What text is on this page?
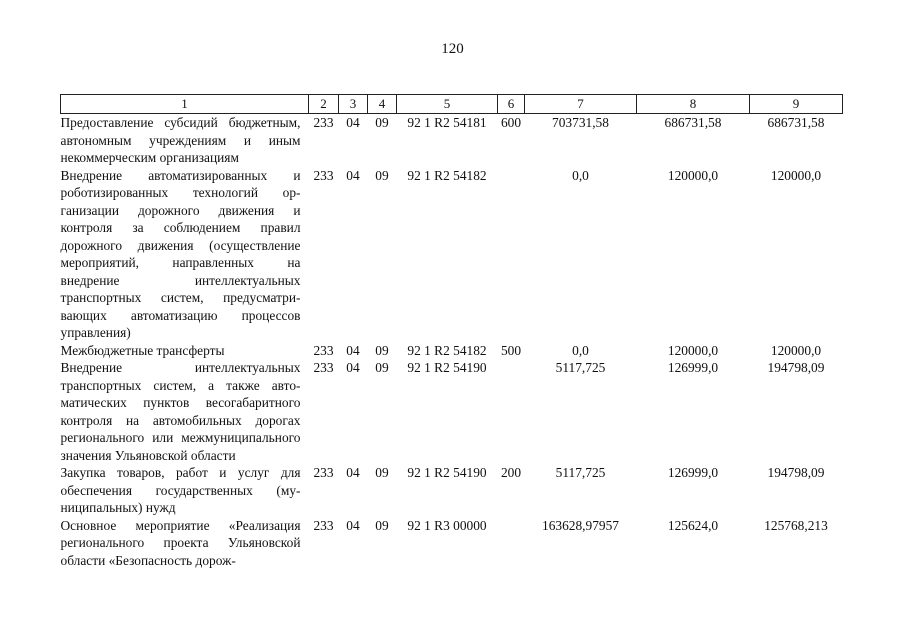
120
1	2	3	4	5	6	7	8	9
Предоставление субсидий бюджетным, автономным учреждениям и иным некоммерческим организациям	233	04	09	92 1 R2 54181	600	703731,58	686731,58	686731,58
Внедрение автоматизированных и роботизированных технологий организации дорожного движения и контроля за соблюдением правил дорожного движения (осуществление мероприятий, направленных на внедрение интеллектуальных транспортных систем, предусматривающих автоматизацию процессов управления)	233	04	09	92 1 R2 54182		0,0	120000,0	120000,0
Межбюджетные трансферты	233	04	09	92 1 R2 54182	500	0,0	120000,0	120000,0
Внедрение интеллектуальных транспортных систем, а также автоматических пунктов весогабаритного контроля на автомобильных дорогах регионального или межмуниципального значения Ульяновской области	233	04	09	92 1 R2 54190		5117,725	126999,0	194798,09
Закупка товаров, работ и услуг для обеспечения государственных (муниципальных) нужд	233	04	09	92 1 R2 54190	200	5117,725	126999,0	194798,09
Основное мероприятие «Реализация регионального проекта Ульяновской области «Безопасность дорож-	233	04	09	92 1 R3 00000		163628,97957	125624,0	125768,213
